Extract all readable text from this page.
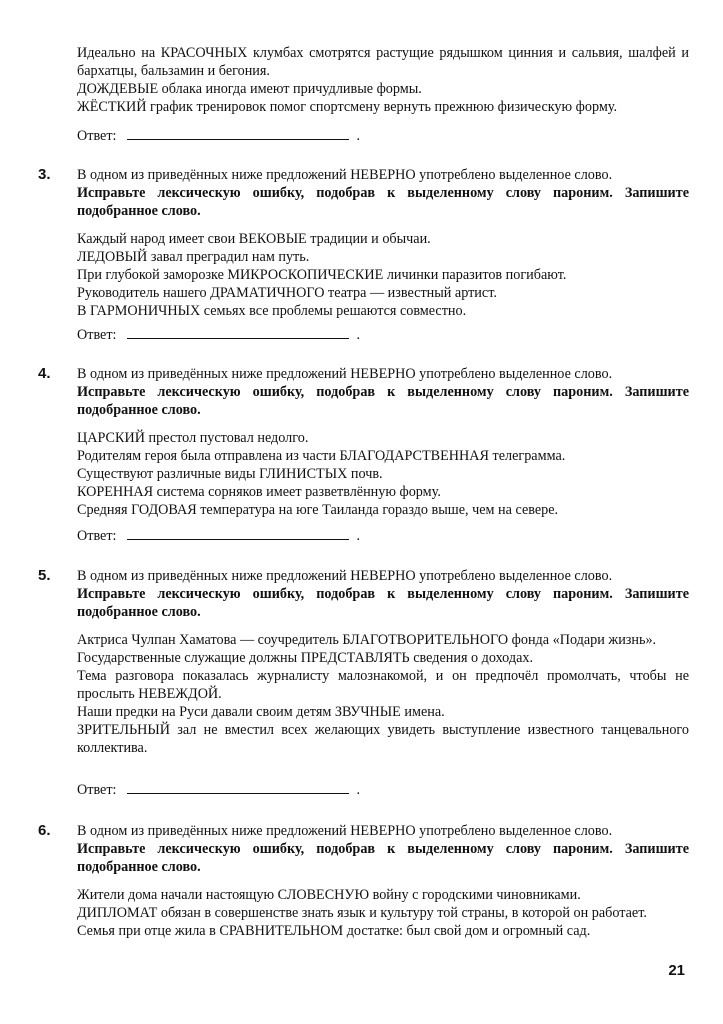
Идеально на КРАСОЧНЫХ клумбах смотрятся растущие рядышком цинния и сальвия, шалфей и бархатцы, бальзамин и бегония.
ДОЖДЕВЫЕ облака иногда имеют причудливые формы.
ЖЁСТКИЙ график тренировок помог спортсмену вернуть прежнюю физическую форму.
Ответ:	.
3. В одном из приведённых ниже предложений НЕВЕРНО употреблено выделенное слово.
Исправьте лексическую ошибку, подобрав к выделенному слову пароним. Запишите подобранное слово.
Каждый народ имеет свои ВЕКОВЫЕ традиции и обычаи.
ЛЕДОВЫЙ завал преградил нам путь.
При глубокой заморозке МИКРОСКОПИЧЕСКИЕ личинки паразитов погибают.
Руководитель нашего ДРАМАТИЧНОГО театра — известный артист.
В ГАРМОНИЧНЫХ семьях все проблемы решаются совместно.
Ответ:	.
4. В одном из приведённых ниже предложений НЕВЕРНО употреблено выделенное слово.
Исправьте лексическую ошибку, подобрав к выделенному слову пароним. Запишите подобранное слово.
ЦАРСКИЙ престол пустовал недолго.
Родителям героя была отправлена из части БЛАГОДАРСТВЕННАЯ телеграмма.
Существуют различные виды ГЛИНИСТЫХ почв.
КОРЕННАЯ система сорняков имеет разветвлённую форму.
Средняя ГОДОВАЯ температура на юге Таиланда гораздо выше, чем на севере.
Ответ:	.
5. В одном из приведённых ниже предложений НЕВЕРНО употреблено выделенное слово.
Исправьте лексическую ошибку, подобрав к выделенному слову пароним. Запишите подобранное слово.
Актриса Чулпан Хаматова — соучредитель БЛАГОТВОРИТЕЛЬНОГО фонда «Подари жизнь».
Государственные служащие должны ПРЕДСТАВЛЯТЬ сведения о доходах.
Тема разговора показалась журналисту малознакомой, и он предпочёл промолчать, чтобы не прослыть НЕВЕЖДОЙ.
Наши предки на Руси давали своим детям ЗВУЧНЫЕ имена.
ЗРИТЕЛЬНЫЙ зал не вместил всех желающих увидеть выступление известного танцевального коллектива.
Ответ:	.
6. В одном из приведённых ниже предложений НЕВЕРНО употреблено выделенное слово.
Исправьте лексическую ошибку, подобрав к выделенному слову пароним. Запишите подобранное слово.
Жители дома начали настоящую СЛОВЕСНУЮ войну с городскими чиновниками.
ДИПЛОМАТ обязан в совершенстве знать язык и культуру той страны, в которой он работает.
Семья при отце жила в СРАВНИТЕЛЬНОМ достатке: был свой дом и огромный сад.
21
